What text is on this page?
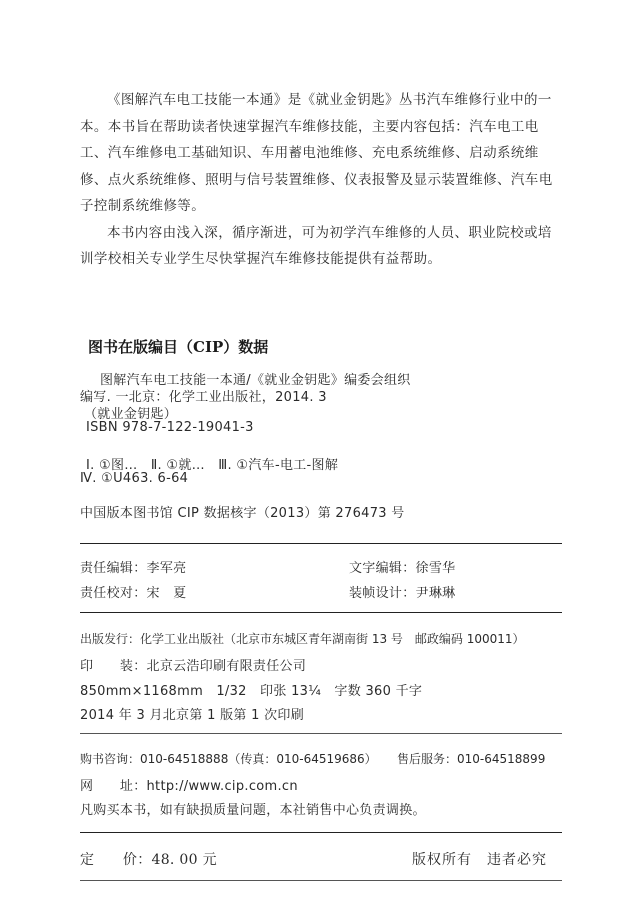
《图解汽车电工技能一本通》是《就业金钥匙》丛书汽车维修行业中的一本。本书旨在帮助读者快速掌握汽车维修技能，主要内容包括：汽车电工电工、汽车维修电工基础知识、车用蓄电池维修、充电系统维修、启动系统维修、点火系统维修、照明与信号装置维修、仪表报警及显示装置维修、汽车电子控制系统维修等。

本书内容由浅入深，循序渐进，可为初学汽车维修的人员、职业院校或培训学校相关专业学生尽快掌握汽车维修技能提供有益帮助。

图书在版编目（CIP）数据
图解汽车电工技能一本通/《就业金钥匙》编委会组织
编写. 一北京：化学工业出版社，2014. 3
（就业金钥匙）
ISBN 978-7-122-19041-3
Ⅰ. ①图…　Ⅱ. ①就…　Ⅲ. ①汽车-电工-图解
Ⅳ. ①U463. 6-64
中国版本图书馆 CIP 数据核字（2013）第 276473 号
责任编辑：李军亮	文字编辑：徐雪华
责任校对：宋　夏	装帧设计：尹琳琳
出版发行：化学工业出版社（北京市东城区青年湖南街 13 号　邮政编码 100011）
印　　装：北京云浩印刷有限责任公司
850mm×1168mm　1/32　印张 13¼　字数 360 千字
2014 年 3 月北京第 1 版第 1 次印刷
购书咨询：010-64518888（传真：010-64519686） 售后服务：010-64518899
网　　址：http://www.cip.com.cn
凡购买本书，如有缺损质量问题，本社销售中心负责调换。
定　　价：48. 00 元	版权所有　违者必究
